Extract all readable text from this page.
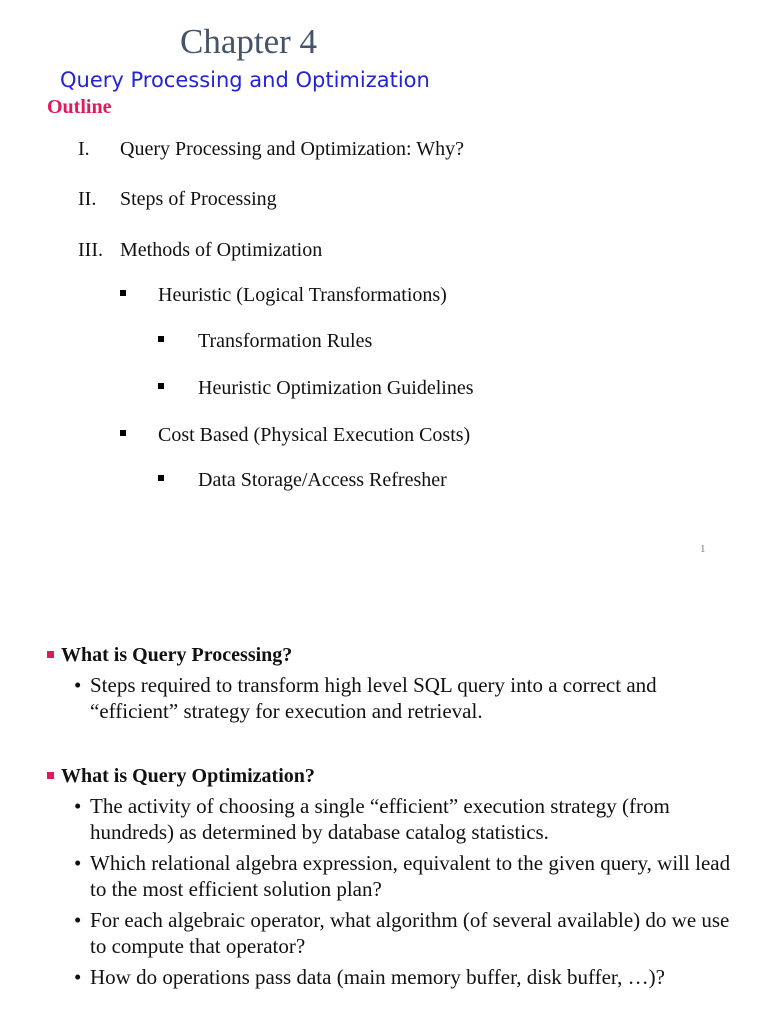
Chapter 4
Query Processing and Optimization
Outline
I. Query Processing and Optimization: Why?
II. Steps of Processing
III. Methods of Optimization
Heuristic (Logical Transformations)
Transformation Rules
Heuristic Optimization Guidelines
Cost Based (Physical Execution Costs)
Data Storage/Access Refresher
1
What is Query Processing?
• Steps required to transform high level SQL query into a correct and “efficient” strategy for execution and retrieval.
What is Query Optimization?
• The activity of choosing a single “efficient” execution strategy (from hundreds) as determined by database catalog statistics.
• Which relational algebra expression, equivalent to the given query, will lead to the most efficient solution plan?
• For each algebraic operator, what algorithm (of several available) do we use to compute that operator?
• How do operations pass data (main memory buffer, disk buffer, …)?
